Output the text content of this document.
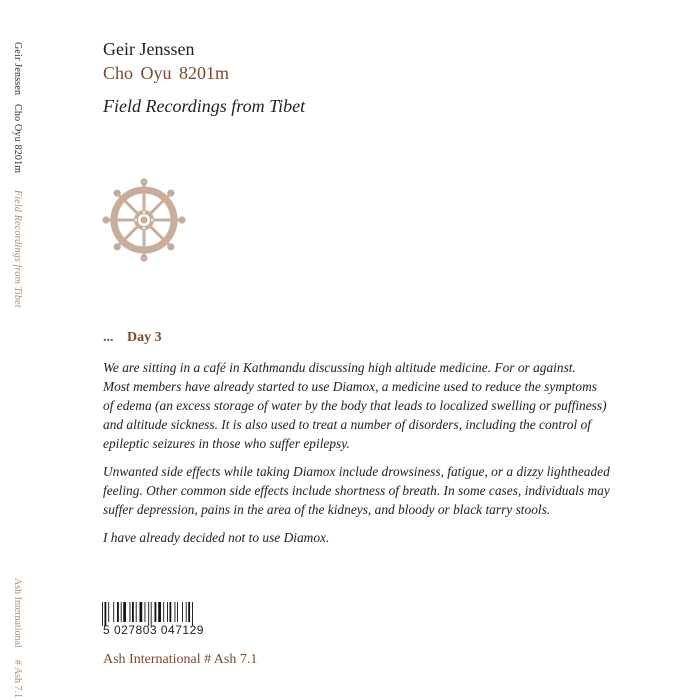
Geir Jenssen Cho Oyu 8201m Field Recordings from Tibet
Ash International # Ash 7.1
Geir Jenssen
Cho Oyu 8201m
Field Recordings from Tibet
... Day 3

We are sitting in a café in Kathmandu discussing high altitude medicine. For or against.
Most members have already started to use Diamox, a medicine used to reduce the symptoms
of edema (an excess storage of water by the body that leads to localized swelling or puffiness)
and altitude sickness. It is also used to treat a number of disorders, including the control of
epileptic seizures in those who suffer epilepsy.

Unwanted side effects while taking Diamox include drowsiness, fatigue, or a dizzy lightheaded
feeling. Other common side effects include shortness of breath. In some cases, individuals may
suffer depression, pains in the area of the kidneys, and bloody or black tarry stools.

I have already decided not to use Diamox.

5 027803 047129
Ash International # Ash 7.1
